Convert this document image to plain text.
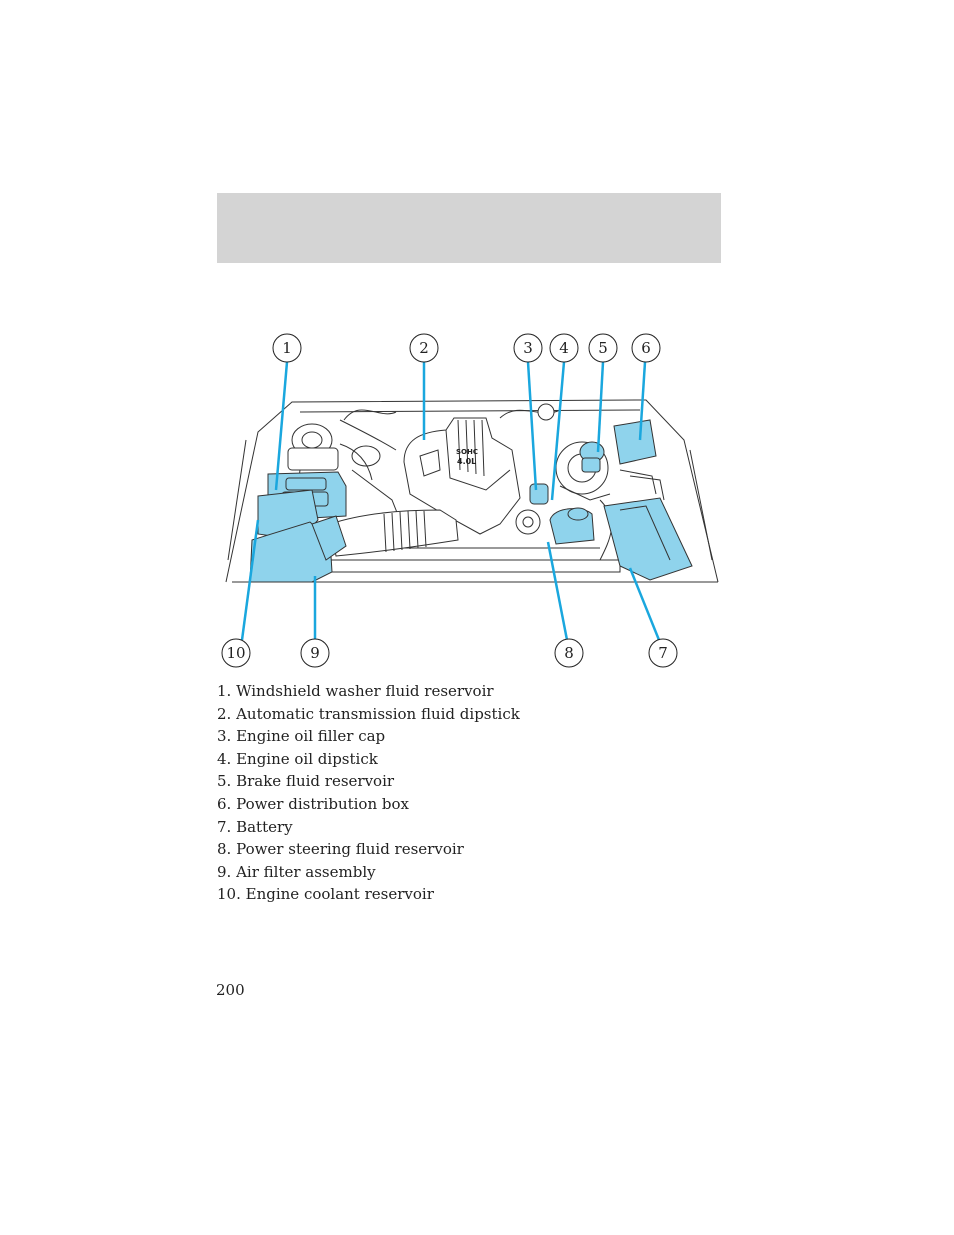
SOHC
4.0L
1	2	3 4 5 6
7
8
9
10
1. Windshield washer fluid reservoir
2. Automatic transmission fluid dipstick
3. Engine oil filler cap
4. Engine oil dipstick
5. Brake fluid reservoir
6. Power distribution box
7. Battery
8. Power steering fluid reservoir
9. Air filter assembly
10. Engine coolant reservoir
200
